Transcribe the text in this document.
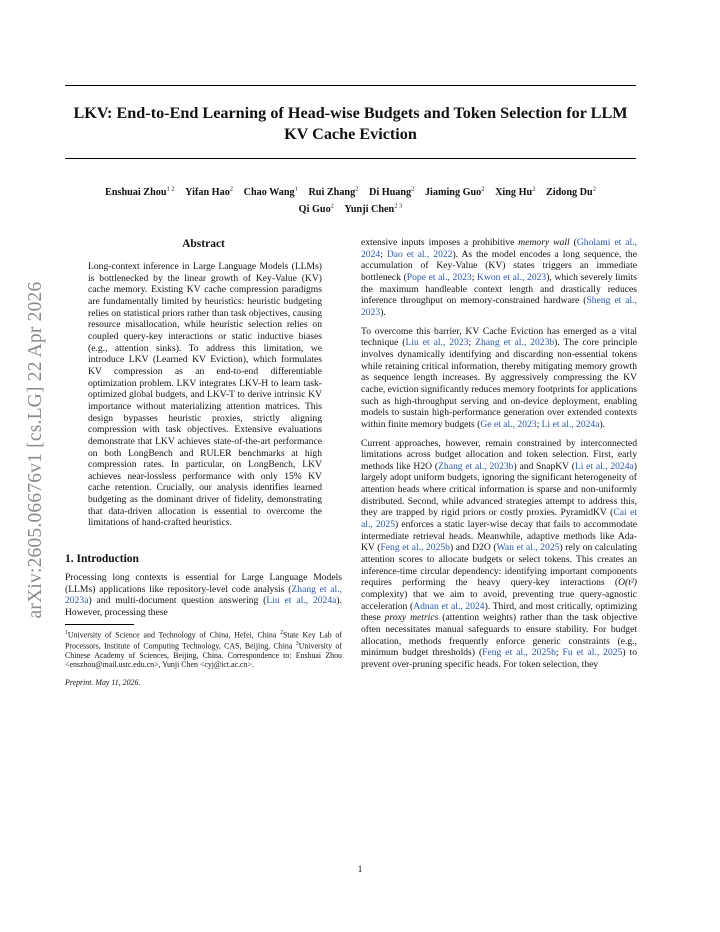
arXiv:2605.06676v1 [cs.LG] 22 Apr 2026
LKV: End-to-End Learning of Head-wise Budgets and Token Selection for LLM KV Cache Eviction
Enshuai Zhou$^{1 2}$ Yifan Hao$^2$ Chao Wang$^1$ Rui Zhang$^2$ Di Huang$^2$ Jiaming Guo$^2$ Xing Hu$^2$ Zidong Du$^2$
Qi Guo$^2$ Yunji Chen$^{2 3}$
Abstract
Long-context inference in Large Language Models (LLMs) is bottlenecked by the linear growth of Key-Value (KV) cache memory. Existing KV cache compression paradigms are fundamentally limited by heuristics: heuristic budgeting relies on statistical priors rather than task objectives, causing resource misallocation, while heuristic selection relies on coupled query-key interactions or static inductive biases (e.g., attention sinks). To address this limitation, we introduce LKV (Learned KV Eviction), which formulates KV compression as an end-to-end differentiable optimization problem. LKV integrates LKV-H to learn task-optimized global budgets, and LKV-T to derive intrinsic KV importance without materializing attention matrices. This design bypasses heuristic proxies, strictly aligning compression with task objectives. Extensive evaluations demonstrate that LKV achieves state-of-the-art performance on both LongBench and RULER benchmarks at high compression rates. In particular, on LongBench, LKV achieves near-lossless performance with only 15% KV cache retention. Crucially, our analysis identifies learned budgeting as the dominant driver of fidelity, demonstrating that data-driven allocation is essential to overcome the limitations of hand-crafted heuristics.
1. Introduction

Processing long contexts is essential for Large Language Models (LLMs) applications like repository-level code analysis (Zhang et al., 2023a) and multi-document question answering (Liu et al., 2024a). However, processing these

$^1$University of Science and Technology of China, Hefei, China $^2$State Key Lab of Processors, Institute of Computing Technology, CAS, Beijing, China $^3$University of Chinese Academy of Sciences, Beijing, China. Correspondence to: Enshuai Zhou <enszhou@mail.ustc.edu.cn>, Yunji Chen <cyj@ict.ac.cn>.
Preprint. May 11, 2026.

extensive inputs imposes a prohibitive memory wall (Gholami et al., 2024; Dao et al., 2022). As the model encodes a long sequence, the accumulation of Key-Value (KV) states triggers an immediate bottleneck (Pope et al., 2023; Kwon et al., 2023), which severely limits the maximum handleable context length and drastically reduces inference throughput on memory-constrained hardware (Sheng et al., 2023).

To overcome this barrier, KV Cache Eviction has emerged as a vital technique (Liu et al., 2023; Zhang et al., 2023b). The core principle involves dynamically identifying and discarding non-essential tokens while retaining critical information, thereby mitigating memory growth as sequence length increases. By aggressively compressing the KV cache, eviction significantly reduces memory footprints for applications such as high-throughput serving and on-device deployment, enabling models to sustain high-performance generation over extended contexts within finite memory budgets (Ge et al., 2023; Li et al., 2024a).

Current approaches, however, remain constrained by interconnected limitations across budget allocation and token selection. First, early methods like H2O (Zhang et al., 2023b) and SnapKV (Li et al., 2024a) largely adopt uniform budgets, ignoring the significant heterogeneity of attention heads where critical information is sparse and non-uniformly distributed. Second, while advanced strategies attempt to address this, they are trapped by rigid priors or costly proxies. PyramidKV (Cai et al., 2025) enforces a static layer-wise decay that fails to accommodate intermediate retrieval heads. Meanwhile, adaptive methods like Ada-KV (Feng et al., 2025b) and D2O (Wan et al., 2025) rely on calculating attention scores to allocate budgets or select tokens. This creates an inference-time circular dependency: identifying important components requires performing the heavy query-key interactions (O(t²) complexity) that we aim to avoid, preventing true query-agnostic acceleration (Adnan et al., 2024). Third, and most critically, optimizing these proxy metrics (attention weights) rather than the task objective often necessitates manual safeguards to ensure stability. For budget allocation, methods frequently enforce generic constraints (e.g., minimum budget thresholds) (Feng et al., 2025b; Fu et al., 2025) to prevent over-pruning specific heads. For token selection, they

1
